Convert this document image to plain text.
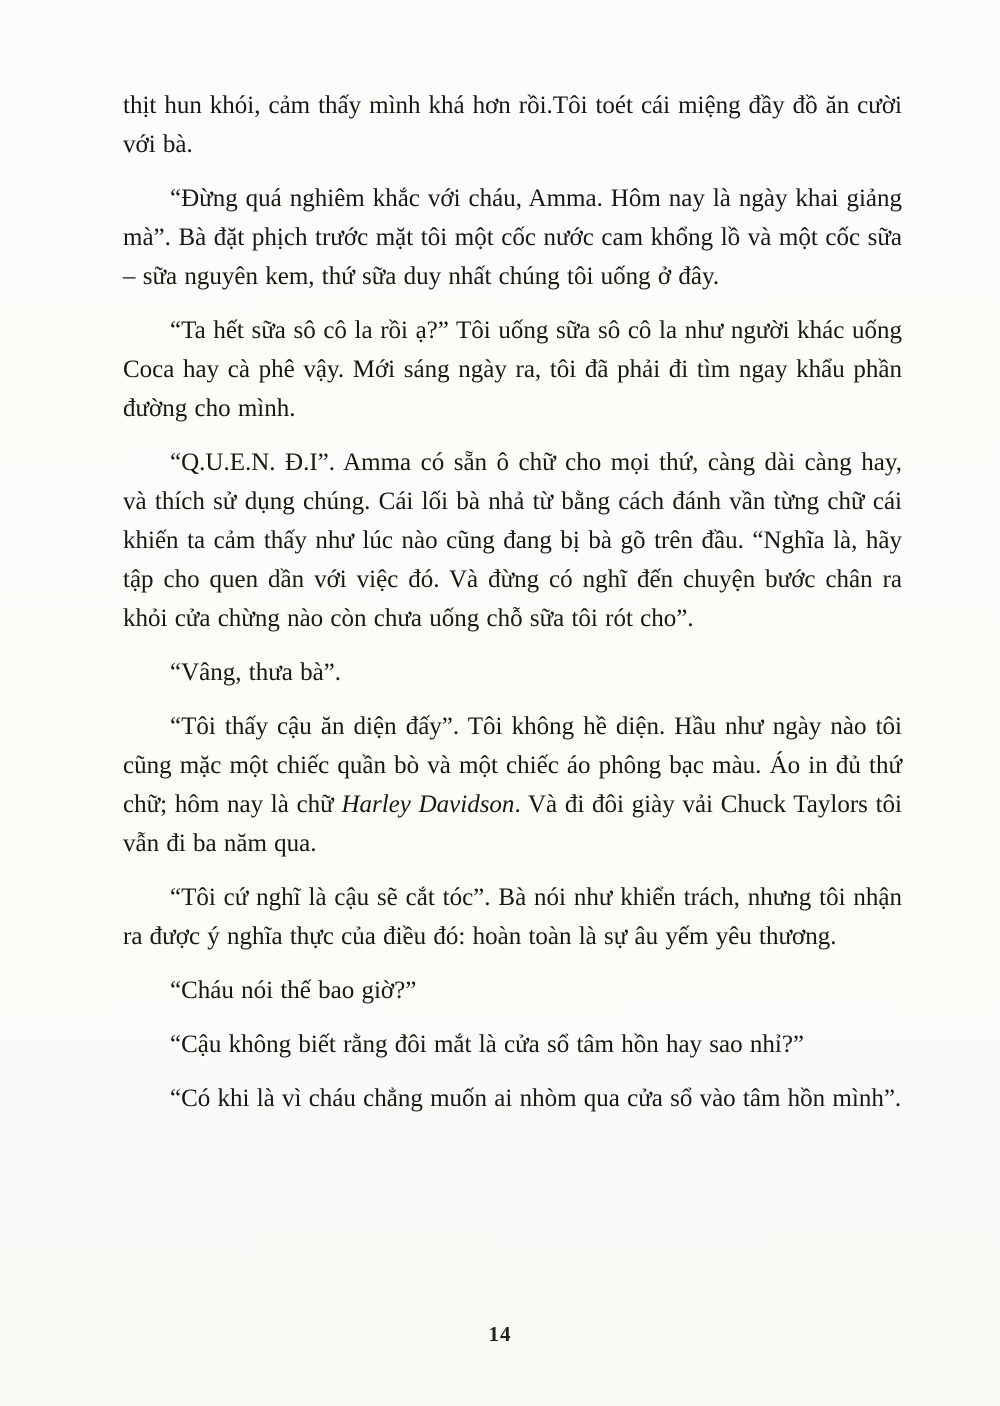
thịt hun khói, cảm thấy mình khá hơn rồi.Tôi toét cái miệng đầy đồ ăn cười với bà.

“Đừng quá nghiêm khắc với cháu, Amma. Hôm nay là ngày khai giảng mà”. Bà đặt phịch trước mặt tôi một cốc nước cam khổng lồ và một cốc sữa – sữa nguyên kem, thứ sữa duy nhất chúng tôi uống ở đây.

“Ta hết sữa sô cô la rồi ạ?” Tôi uống sữa sô cô la như người khác uống Coca hay cà phê vậy. Mới sáng ngày ra, tôi đã phải đi tìm ngay khẩu phần đường cho mình.

“Q.U.E.N. Đ.I”. Amma có sẵn ô chữ cho mọi thứ, càng dài càng hay, và thích sử dụng chúng. Cái lối bà nhả từ bằng cách đánh vần từng chữ cái khiến ta cảm thấy như lúc nào cũng đang bị bà gõ trên đầu. “Nghĩa là, hãy tập cho quen dần với việc đó. Và đừng có nghĩ đến chuyện bước chân ra khỏi cửa chừng nào còn chưa uống chỗ sữa tôi rót cho”.

“Vâng, thưa bà”.

“Tôi thấy cậu ăn diện đấy”. Tôi không hề diện. Hầu như ngày nào tôi cũng mặc một chiếc quần bò và một chiếc áo phông bạc màu. Áo in đủ thứ chữ; hôm nay là chữ Harley Davidson. Và đi đôi giày vải Chuck Taylors tôi vẫn đi ba năm qua.

“Tôi cứ nghĩ là cậu sẽ cắt tóc”. Bà nói như khiển trách, nhưng tôi nhận ra được ý nghĩa thực của điều đó: hoàn toàn là sự âu yếm yêu thương.

“Cháu nói thế bao giờ?”

“Cậu không biết rằng đôi mắt là cửa sổ tâm hồn hay sao nhỉ?”

“Có khi là vì cháu chẳng muốn ai nhòm qua cửa sổ vào tâm hồn mình”.

14
